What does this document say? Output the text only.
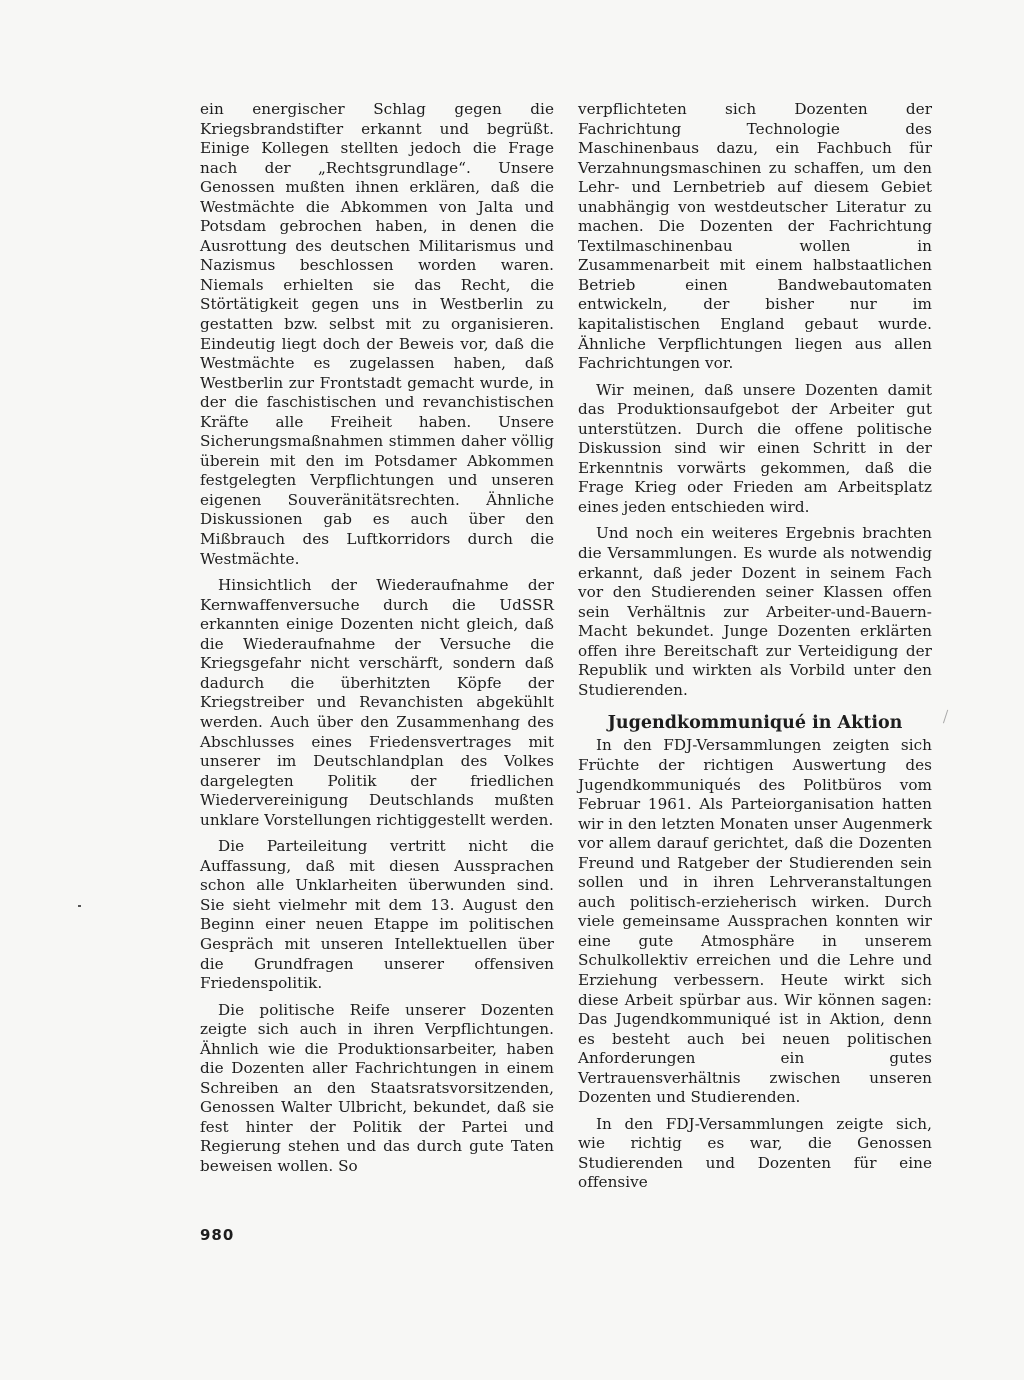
ein energischer Schlag gegen die Kriegsbrandstifter erkannt und begrüßt. Einige Kollegen stellten jedoch die Frage nach der „Rechtsgrundlage“. Unsere Genossen mußten ihnen erklären, daß die Westmächte die Abkommen von Jalta und Potsdam gebrochen haben, in denen die Ausrottung des deutschen Militarismus und Nazismus beschlossen worden waren. Niemals erhielten sie das Recht, die Störtätigkeit gegen uns in Westberlin zu gestatten bzw. selbst mit zu organisieren. Eindeutig liegt doch der Beweis vor, daß die Westmächte es zugelassen haben, daß Westberlin zur Frontstadt gemacht wurde, in der die faschistischen und revanchistischen Kräfte alle Freiheit haben. Unsere Sicherungsmaßnahmen stimmen daher völlig überein mit den im Potsdamer Abkommen festgelegten Verpflichtungen und unseren eigenen Souveränitätsrechten. Ähnliche Diskussionen gab es auch über den Mißbrauch des Luftkorridors durch die Westmächte.

Hinsichtlich der Wiederaufnahme der Kernwaffenversuche durch die UdSSR erkannten einige Dozenten nicht gleich, daß die Wiederaufnahme der Versuche die Kriegsgefahr nicht verschärft, sondern daß dadurch die überhitzten Köpfe der Kriegstreiber und Revanchisten abgekühlt werden. Auch über den Zusammenhang des Abschlusses eines Friedensvertrages mit unserer im Deutschlandplan des Volkes dargelegten Politik der friedlichen Wiedervereinigung Deutschlands mußten unklare Vorstellungen richtiggestellt werden.

Die Parteileitung vertritt nicht die Auffassung, daß mit diesen Aussprachen schon alle Unklarheiten überwunden sind. Sie sieht vielmehr mit dem 13. August den Beginn einer neuen Etappe im politischen Gespräch mit unseren Intellektuellen über die Grundfragen unserer offensiven Friedenspolitik.

Die politische Reife unserer Dozenten zeigte sich auch in ihren Verpflichtungen. Ähnlich wie die Produktionsarbeiter, haben die Dozenten aller Fachrichtungen in einem Schreiben an den Staatsratsvorsitzenden, Genossen Walter Ulbricht, bekundet, daß sie fest hinter der Politik der Partei und Regierung stehen und das durch gute Taten beweisen wollen. So

verpflichteten sich Dozenten der Fachrichtung Technologie des Maschinenbaus dazu, ein Fachbuch für Verzahnungsmaschinen zu schaffen, um den Lehr- und Lernbetrieb auf diesem Gebiet unabhängig von westdeutscher Literatur zu machen. Die Dozenten der Fachrichtung Textilmaschinenbau wollen in Zusammenarbeit mit einem halbstaatlichen Betrieb einen Bandwebautomaten entwickeln, der bisher nur im kapitalistischen England gebaut wurde. Ähnliche Verpflichtungen liegen aus allen Fachrichtungen vor.

Wir meinen, daß unsere Dozenten damit das Produktionsaufgebot der Arbeiter gut unterstützen. Durch die offene politische Diskussion sind wir einen Schritt in der Erkenntnis vorwärts gekommen, daß die Frage Krieg oder Frieden am Arbeitsplatz eines jeden entschieden wird.

Und noch ein weiteres Ergebnis brachten die Versammlungen. Es wurde als notwendig erkannt, daß jeder Dozent in seinem Fach vor den Studierenden seiner Klassen offen sein Verhältnis zur Arbeiter-und-Bauern-Macht bekundet. Junge Dozenten erklärten offen ihre Bereitschaft zur Verteidigung der Republik und wirkten als Vorbild unter den Studierenden.

Jugendkommuniqué in Aktion

In den FDJ-Versammlungen zeigten sich Früchte der richtigen Auswertung des Jugendkommuniqués des Politbüros vom Februar 1961. Als Parteiorganisation hatten wir in den letzten Monaten unser Augenmerk vor allem darauf gerichtet, daß die Dozenten Freund und Ratgeber der Studierenden sein sollen und in ihren Lehrveranstaltungen auch politisch-erzieherisch wirken. Durch viele gemeinsame Aussprachen konnten wir eine gute Atmosphäre in unserem Schulkollektiv erreichen und die Lehre und Erziehung verbessern. Heute wirkt sich diese Arbeit spürbar aus. Wir können sagen: Das Jugendkommuniqué ist in Aktion, denn es besteht auch bei neuen politischen Anforderungen ein gutes Vertrauensverhältnis zwischen unseren Dozenten und Studierenden.

In den FDJ-Versammlungen zeigte sich, wie richtig es war, die Genossen Studierenden und Dozenten für eine offensive

980
